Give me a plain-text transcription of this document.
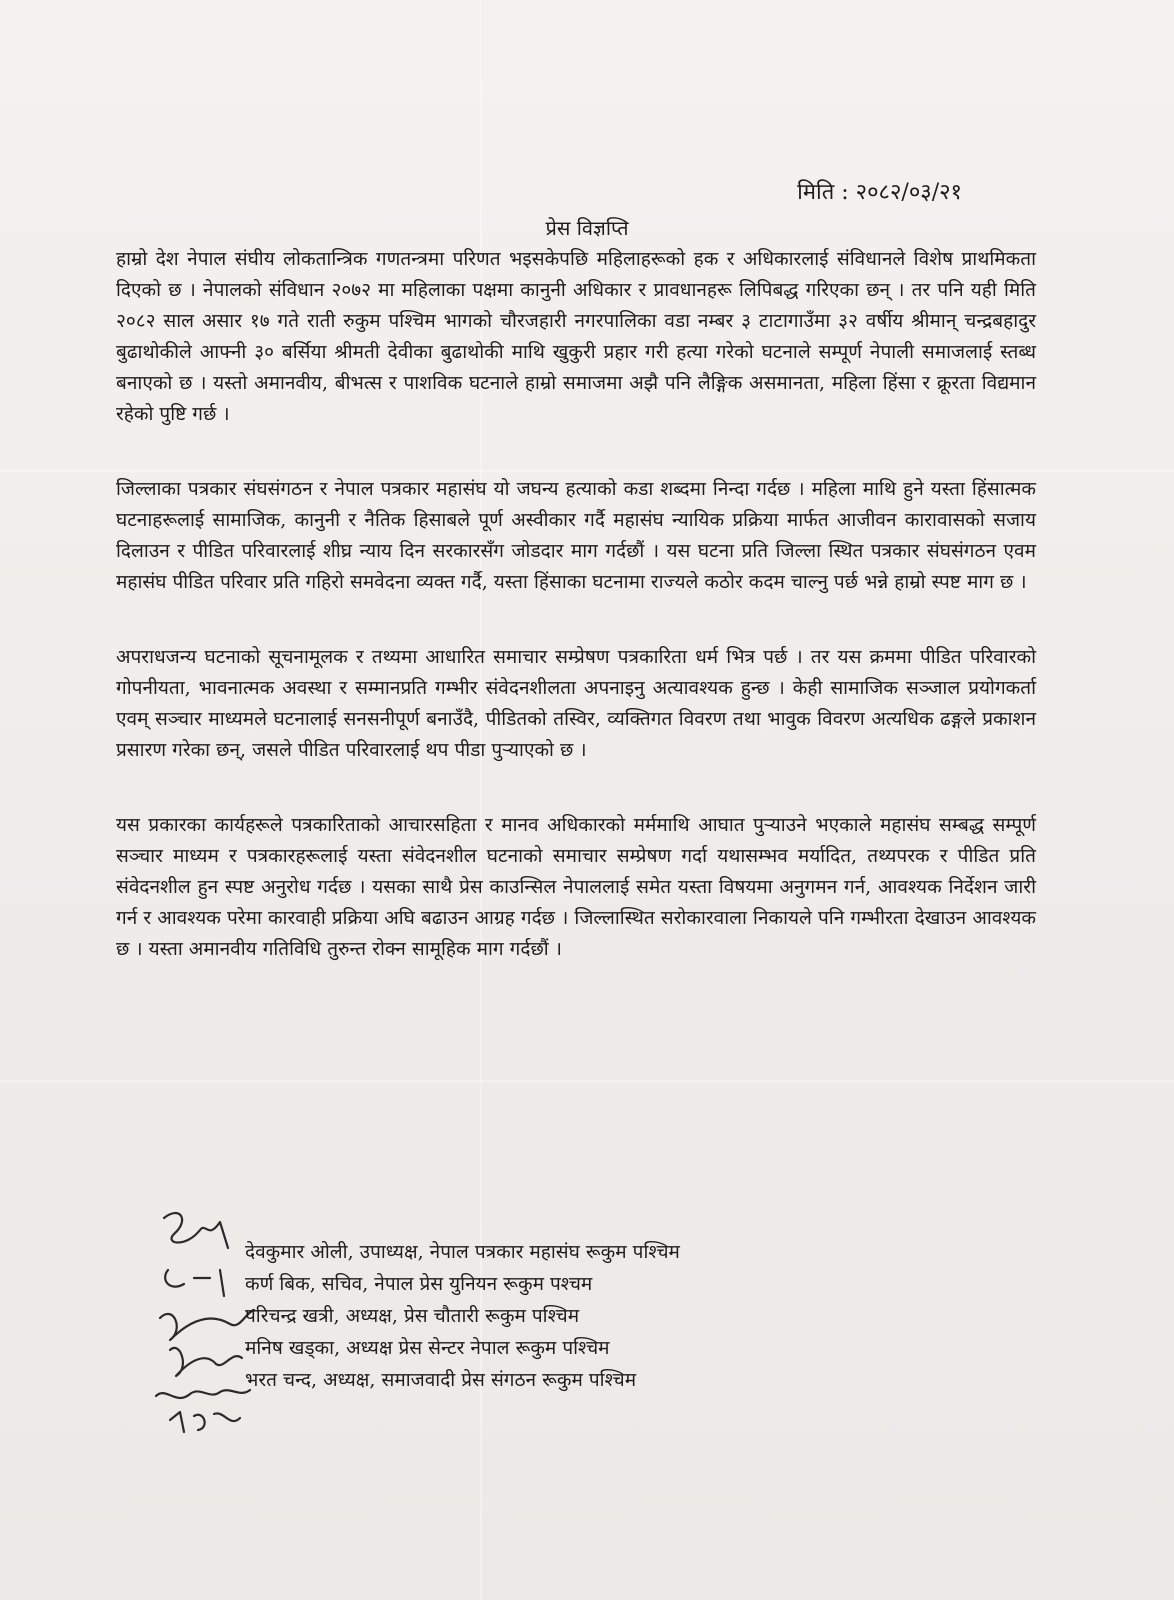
मिति : २०८२/०३/२१
प्रेस विज्ञप्ति

हाम्रो देश नेपाल संघीय लोकतान्त्रिक गणतन्त्रमा परिणत भइसकेपछि महिलाहरूको हक र अधिकारलाई संविधानले विशेष प्राथमिकता दिएको छ । नेपालको संविधान २०७२ मा महिलाका पक्षमा कानुनी अधिकार र प्रावधानहरू लिपिबद्ध गरिएका छन् । तर पनि यही मिति २०८२ साल असार १७ गते राती रुकुम पश्चिम भागको चौरजहारी नगरपालिका वडा नम्बर ३ टाटागाउँमा ३२ वर्षीय श्रीमान् चन्द्रबहादुर बुढाथोकीले आफ्नी ३० बर्सिया श्रीमती देवीका बुढाथोकी माथि खुकुरी प्रहार गरी हत्या गरेको घटनाले सम्पूर्ण नेपाली समाजलाई स्तब्ध बनाएको छ । यस्तो अमानवीय, बीभत्स र पाशविक घटनाले हाम्रो समाजमा अझै पनि लैङ्गिक असमानता, महिला हिंसा र क्रूरता विद्यमान रहेको पुष्टि गर्छ ।

जिल्लाका पत्रकार संघसंगठन र नेपाल पत्रकार महासंघ यो जघन्य हत्याको कडा शब्दमा निन्दा गर्दछ । महिला माथि हुने यस्ता हिंसात्मक घटनाहरूलाई सामाजिक, कानुनी र नैतिक हिसाबले पूर्ण अस्वीकार गर्दै महासंघ न्यायिक प्रक्रिया मार्फत आजीवन कारावासको सजाय दिलाउन र पीडित परिवारलाई शीघ्र न्याय दिन सरकारसँग जोडदार माग गर्दछौं । यस घटना प्रति जिल्ला स्थित पत्रकार संघसंगठन एवम महासंघ पीडित परिवार प्रति गहिरो समवेदना व्यक्त गर्दै, यस्ता हिंसाका घटनामा राज्यले कठोर कदम चाल्नु पर्छ भन्ने हाम्रो स्पष्ट माग छ ।

अपराधजन्य घटनाको सूचनामूलक र तथ्यमा आधारित समाचार सम्प्रेषण पत्रकारिता धर्म भित्र पर्छ । तर यस क्रममा पीडित परिवारको गोपनीयता, भावनात्मक अवस्था र सम्मानप्रति गम्भीर संवेदनशीलता अपनाइनु अत्यावश्यक हुन्छ । केही सामाजिक सञ्जाल प्रयोगकर्ता एवम् सञ्चार माध्यमले घटनालाई सनसनीपूर्ण बनाउँदै, पीडितको तस्विर, व्यक्तिगत विवरण तथा भावुक विवरण अत्यधिक ढङ्गले प्रकाशन प्रसारण गरेका छन्, जसले पीडित परिवारलाई थप पीडा पुऱ्याएको छ ।

यस प्रकारका कार्यहरूले पत्रकारिताको आचारसहिता र मानव अधिकारको मर्ममाथि आघात पुऱ्याउने भएकाले महासंघ सम्बद्ध सम्पूर्ण सञ्चार माध्यम र पत्रकारहरूलाई यस्ता संवेदनशील घटनाको समाचार सम्प्रेषण गर्दा यथासम्भव मर्यादित, तथ्यपरक र पीडित प्रति संवेदनशील हुन स्पष्ट अनुरोध गर्दछ । यसका साथै प्रेस काउन्सिल नेपाललाई समेत यस्ता विषयमा अनुगमन गर्न, आवश्यक निर्देशन जारी गर्न र आवश्यक परेमा कारवाही प्रक्रिया अघि बढाउन आग्रह गर्दछ । जिल्लास्थित सरोकारवाला निकायले पनि गम्भीरता देखाउन आवश्यक छ । यस्ता अमानवीय गतिविधि तुरुन्त रोक्न सामूहिक माग गर्दछौं ।

देवकुमार ओली, उपाध्यक्ष, नेपाल पत्रकार महासंघ रूकुम पश्चिम
कर्ण बिक, सचिव, नेपाल प्रेस युनियन रूकुम पश्चम
परिचन्द्र खत्री, अध्यक्ष, प्रेस चौतारी रूकुम पश्चिम
मनिष खड्का, अध्यक्ष प्रेस सेन्टर नेपाल रूकुम पश्चिम
भरत चन्द, अध्यक्ष, समाजवादी प्रेस संगठन रूकुम पश्चिम
